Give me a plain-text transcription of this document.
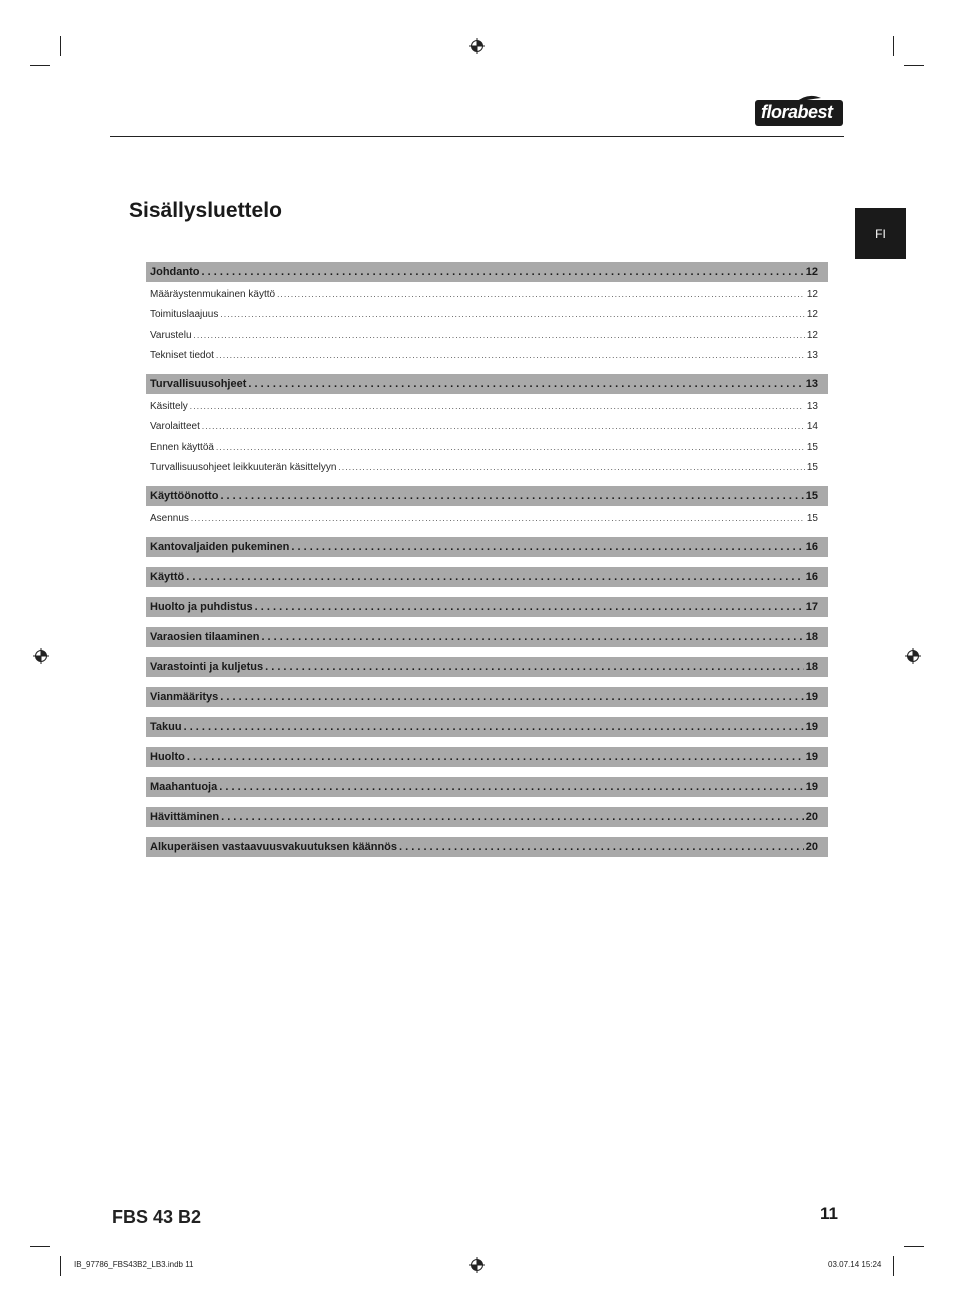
florabest
FI
Sisällysluettelo
Johdanto . . .	12
Määräystenmukainen käyttö . . .	12
Toimituslaajuus . . .	12
Varustelu . . .	12
Tekniset tiedot . . .	13
Turvallisuusohjeet . . .	13
Käsittely . . .	13
Varolaitteet . . .	14
Ennen käyttöä . . .	15
Turvallisuusohjeet leikkuuterän käsittelyyn . . .	15
Käyttöönotto . . .	15
Asennus . . .	15
Kantovaljaiden pukeminen . . .	16
Käyttö . . .	16
Huolto ja puhdistus . . .	17
Varaosien tilaaminen . . .	18
Varastointi ja kuljetus . . .	18
Vianmääritys . . .	19
Takuu . . .	19
Huolto . . .	19
Maahantuoja . . .	19
Hävittäminen . . .	20
Alkuperäisen vastaavuusvakuutuksen käännös . . .	20
FBS 43 B2	11
IB_97786_FBS43B2_LB3.indb 11	03.07.14 15:24
